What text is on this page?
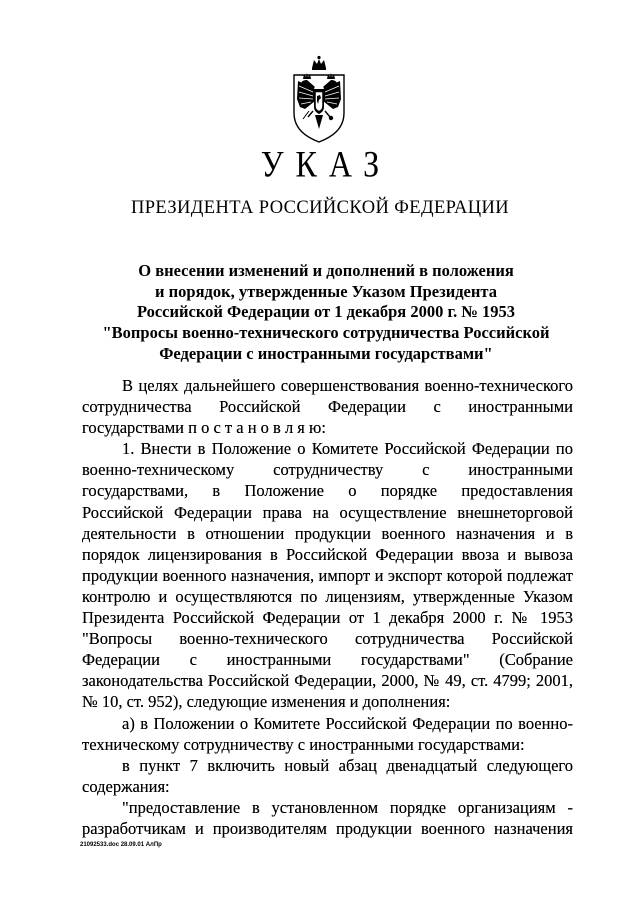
УКАЗ
ПРЕЗИДЕНТА РОССИЙСКОЙ ФЕДЕРАЦИИ
О внесении изменений и дополнений в положения
и порядок, утвержденные Указом Президента
Российской Федерации от 1 декабря 2000 г. № 1953
"Вопросы военно-технического сотрудничества Российской
Федерации с иностранными государствами"
В целях дальнейшего совершенствования военно-технического
сотрудничества Российской Федерации с иностранными
государствами п о с т а н о в л я ю:
1. Внести в Положение о Комитете Российской Федерации по
военно-техническому сотрудничеству с иностранными
государствами, в Положение о порядке предоставления
Российской Федерации права на осуществление внешнеторговой
деятельности в отношении продукции военного назначения и в
порядок лицензирования в Российской Федерации ввоза и вывоза
продукции военного назначения, импорт и экспорт которой подлежат
контролю и осуществляются по лицензиям, утвержденные Указом
Президента Российской Федерации от 1 декабря 2000 г. № 1953
"Вопросы военно-технического сотрудничества Российской
Федерации с иностранными государствами" (Собрание
законодательства Российской Федерации, 2000, № 49, ст. 4799; 2001,
№ 10, ст. 952), следующие изменения и дополнения:
а) в Положении о Комитете Российской Федерации по военно-
техническому сотрудничеству с иностранными государствами:
в пункт 7 включить новый абзац двенадцатый следующего
содержания:
"предоставление в установленном порядке организациям -
разработчикам и производителям продукции военного назначения
21092533.doc 28.09.01 АлПр
